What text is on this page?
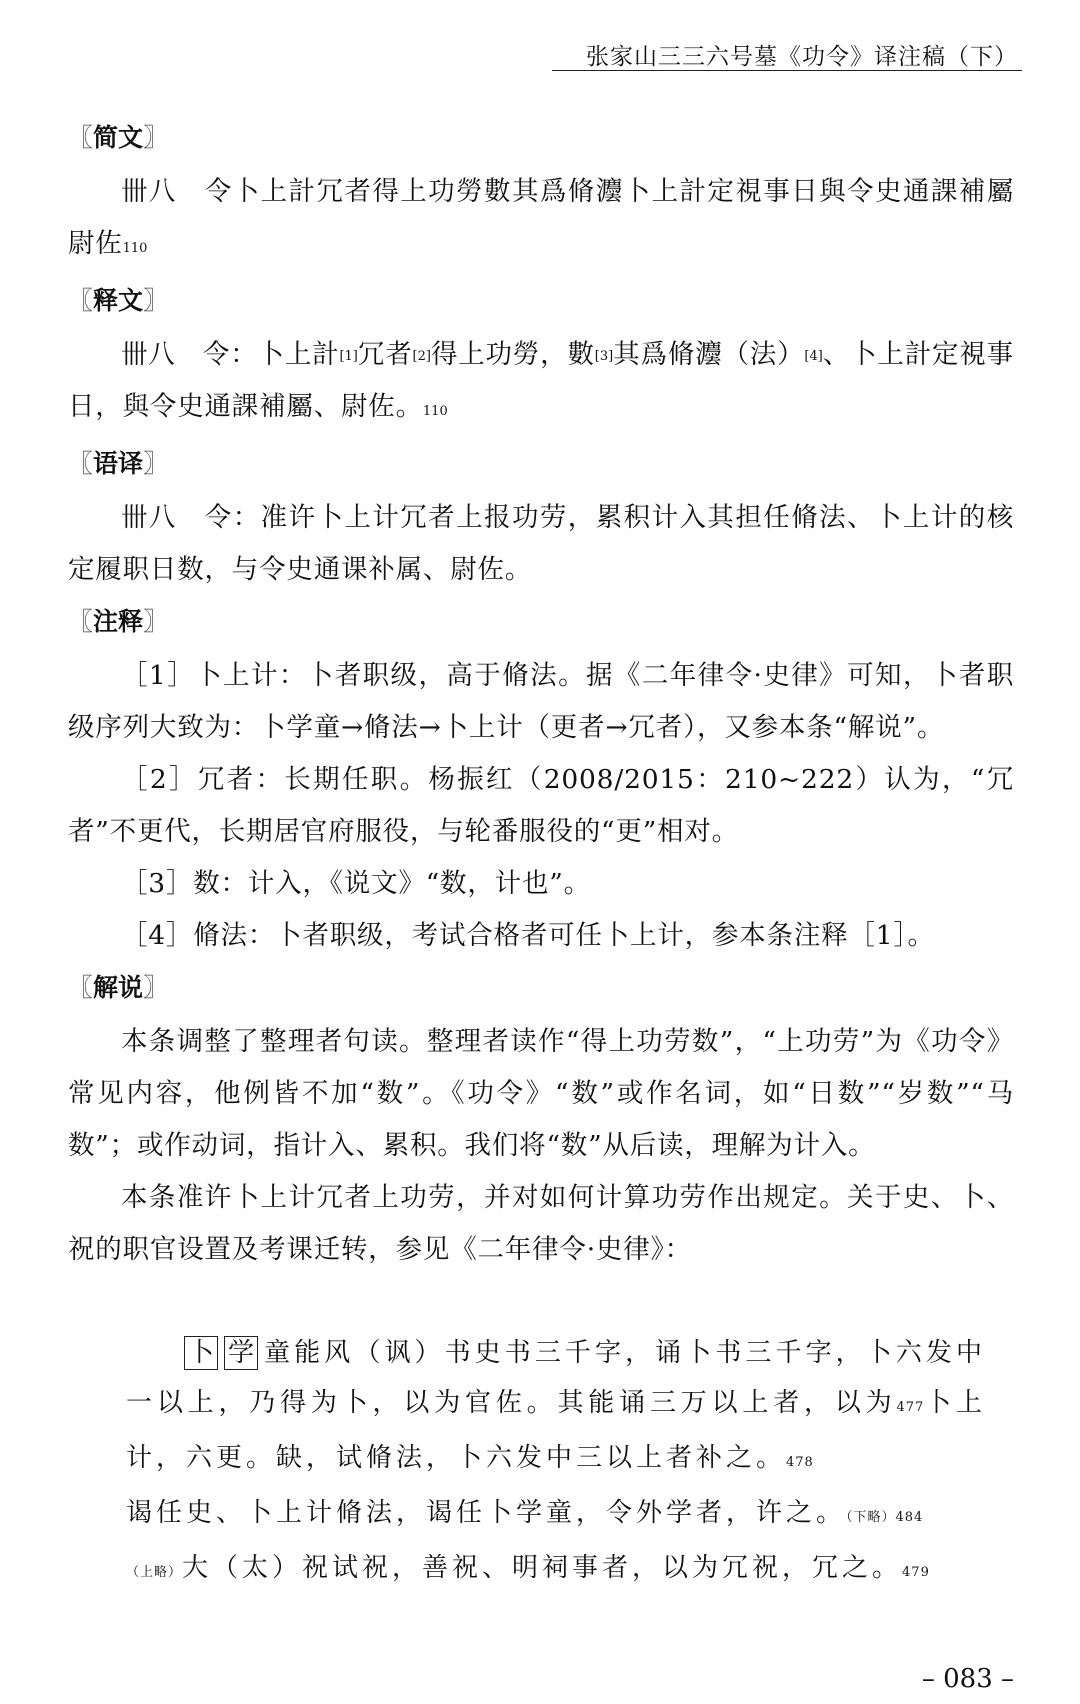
张家山三三六号墓《功令》译注稿（下）
〖简文〗

卌八　令卜上計冗者得上功勞數其爲脩灋卜上計定視事日與令史通課補屬尉佐110

〖释文〗

卌八　令：卜上計[1]冗者[2]得上功勞，數[3]其爲脩灋（法）[4]、卜上計定視事日，與令史通課補屬、尉佐。110

〖语译〗

卌八　令：准许卜上计冗者上报功劳，累积计入其担任脩法、卜上计的核定履职日数，与令史通课补属、尉佐。

〖注释〗

［1］卜上计：卜者职级，高于脩法。据《二年律令·史律》可知，卜者职级序列大致为：卜学童→脩法→卜上计（更者→冗者），又参本条“解说”。

［2］冗者：长期任职。杨振红（2008/2015：210~222）认为，“冗者”不更代，长期居官府服役，与轮番服役的“更”相对。

［3］数：计入，《说文》“数，计也”。

［4］脩法：卜者职级，考试合格者可任卜上计，参本条注释［1］。

〖解说〗

本条调整了整理者句读。整理者读作“得上功劳数”，“上功劳”为《功令》常见内容，他例皆不加“数”。《功令》“数”或作名词，如“日数”“岁数”“马数”；或作动词，指计入、累积。我们将“数”从后读，理解为计入。

本条准许卜上计冗者上功劳，并对如何计算功劳作出规定。关于史、卜、祝的职官设置及考课迁转，参见《二年律令·史律》：

卜 学 童能风（讽）书史书三千字，诵卜书三千字，卜六发中一以上，乃得为卜，以为官佐。其能诵三万以上者，以为477卜上计，六更。缺，试脩法，卜六发中三以上者补之。478

谒任史、卜上计脩法，谒任卜学童，令外学者，许之。（下略）484

（上略）大（太）祝试祝，善祝、明祠事者，以为冗祝，冗之。479

– 083 –
